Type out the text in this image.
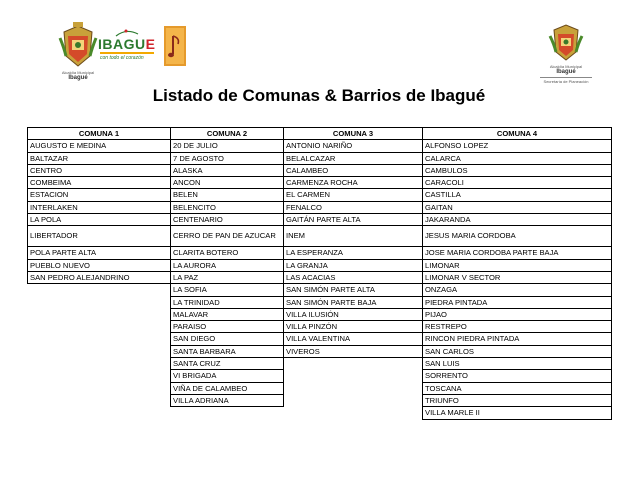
Alcaldía Municipal
Ibagué
IBAGUE
con todo el corazón
Alcaldía Municipal
Ibagué
Secretaría de Planeación
Listado de Comunas & Barrios de Ibagué
COMUNA 1	COMUNA 2	COMUNA 3	COMUNA 4
AUGUSTO E MEDINA	20 DE JULIO	ANTONIO NARIÑO	ALFONSO LOPEZ
BALTAZAR	7 DE AGOSTO	BELALCAZAR	CALARCA
CENTRO	ALASKA	CALAMBEO	CAMBULOS
COMBEIMA	ANCON	CARMENZA ROCHA	CARACOLI
ESTACION	BELEN	EL CARMEN	CASTILLA
INTERLAKEN	BELENCITO	FENALCO	GAITAN
LA POLA	CENTENARIO	GAITÁN PARTE ALTA	JAKARANDA
LIBERTADOR	CERRO DE PAN DE AZUCAR	INEM	JESUS MARIA CORDOBA
POLA PARTE ALTA	CLARITA BOTERO	LA ESPERANZA	JOSE MARIA CORDOBA PARTE BAJA
PUEBLO NUEVO	LA AURORA	LA GRANJA	LIMONAR
SAN PEDRO ALEJANDRINO	LA PAZ	LAS ACACIAS	LIMONAR V SECTOR
	LA SOFIA	SAN SIMÓN PARTE ALTA	ONZAGA
	LA TRINIDAD	SAN SIMÓN PARTE BAJA	PIEDRA PINTADA
	MALAVAR	VILLA ILUSIÓN	PIJAO
	PARAISO	VILLA PINZÓN	RESTREPO
	SAN DIEGO	VILLA VALENTINA	RINCON PIEDRA PINTADA
	SANTA BARBARA	VIVEROS	SAN CARLOS
	SANTA CRUZ		SAN LUIS
	VI BRIGADA		SORRENTO
	VIÑA DE CALAMBEO		TOSCANA
	VILLA ADRIANA		TRIUNFO
			VILLA MARLE II
